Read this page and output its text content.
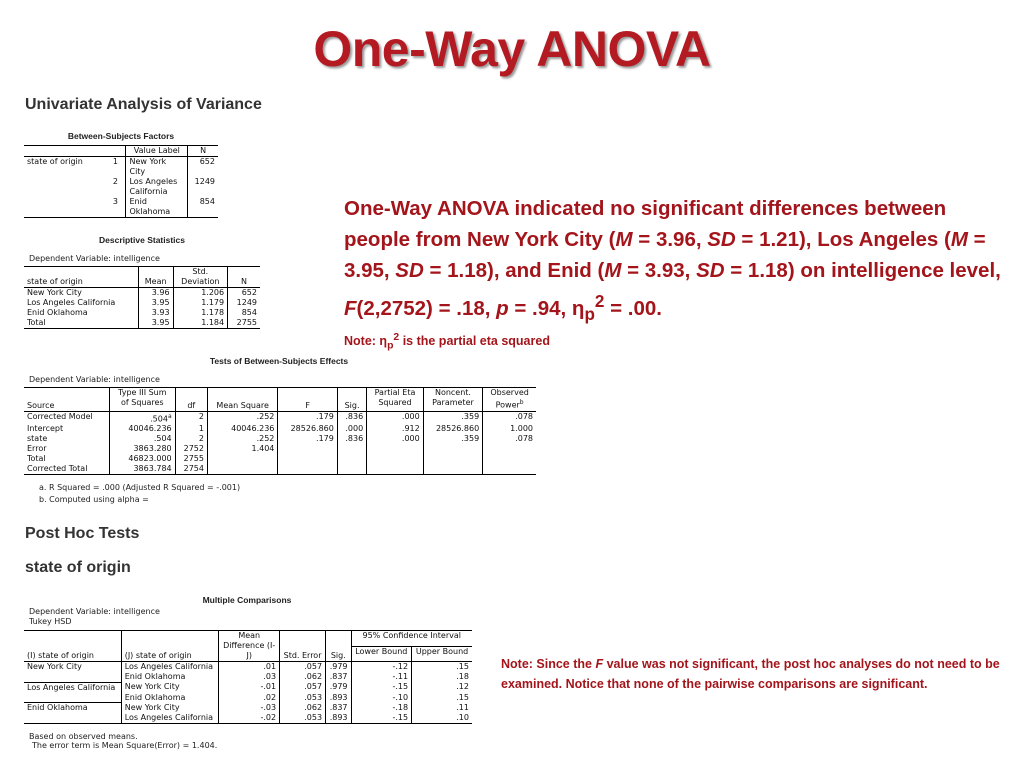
One-Way ANOVA
Univariate Analysis of Variance
Between-Subjects Factors
		Value Label	N
state of origin	1	New York
City	652
	2	Los Angeles
California	1249
	3	Enid
Oklahoma	854
Descriptive Statistics
Dependent Variable: intelligence
state of origin	Mean	Std.
Deviation	N
New York City	3.96	1.206	652
Los Angeles California	3.95	1.179	1249
Enid Oklahoma	3.93	1.178	854
Total	3.95	1.184	2755
One-Way ANOVA indicated no significant differences between people from New York City (M = 3.96, SD = 1.21), Los Angeles (M = 3.95, SD = 1.18), and Enid (M = 3.93, SD = 1.18) on intelligence level, F(2,2752) = .18, p = .94, $\eta_p^2 = .00$.
Note: $\eta_p^2$ is the partial eta squared
Tests of Between-Subjects Effects
Dependent Variable: intelligence
Source	Type III Sum
of Squares	df	Mean Square	F	Sig.	Partial Eta
Squared	Noncent.
Parameter	Observed
Power$^b$
Corrected Model	.504$^a$	2	.252	.179	.836	.000	.359	.078
Intercept	40046.236	1	40046.236	28526.860	.000	.912	28526.860	1.000
state	.504	2	.252	.179	.836	.000	.359	.078
Error	3863.280	2752	1.404					
Total	46823.000	2755						
Corrected Total	3863.784	2754						
a. R Squared = .000 (Adjusted R Squared = -.001)
b. Computed using alpha =
Post Hoc Tests
state of origin
Multiple Comparisons
Dependent Variable: intelligence
Tukey HSD
(I) state of origin	(J) state of origin	Mean
Difference (I-
J)	Std. Error	Sig.	95% Confidence Interval	
					Lower Bound	Upper Bound
New York City	Los Angeles California	.01	.057	.979	-.12	.15
	Enid Oklahoma	.03	.062	.837	-.11	.18
Los Angeles California	New York City	-.01	.057	.979	-.15	.12
	Enid Oklahoma	.02	.053	.893	-.10	.15
Enid Oklahoma	New York City	-.03	.062	.837	-.18	.11
	Los Angeles California	-.02	.053	.893	-.15	.10
Based on observed means.
The error term is Mean Square(Error) = 1.404.
Note: Since the F value was not significant, the post hoc analyses do not need to be examined. Notice that none of the pairwise comparisons are significant.
